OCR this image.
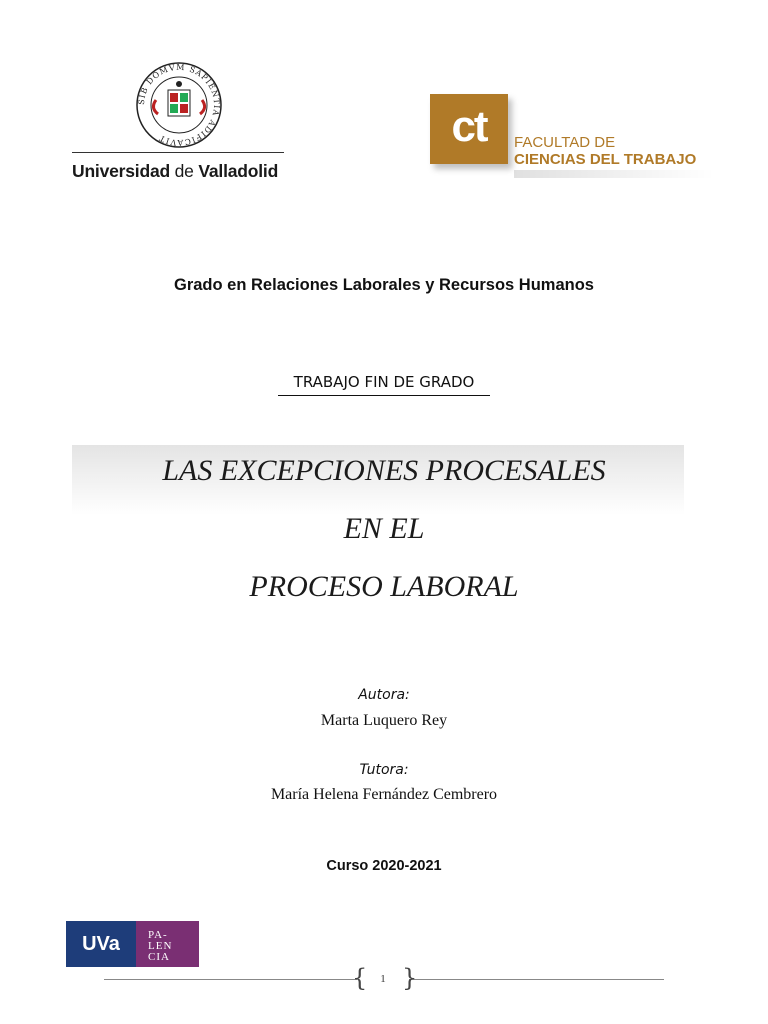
SIB DOMVM SAPIENTIA ADIFICAVIT
Universidad de Valladolid
ct	FACULTAD DE
CIENCIAS DEL TRABAJO
Grado en Relaciones Laborales y Recursos Humanos
TRABAJO FIN DE GRADO
LAS EXCEPCIONES PROCESALES
EN EL
PROCESO LABORAL
Autora:
Marta Luquero Rey
Tutora:
María Helena Fernández Cembrero
Curso 2020-2021
UVa	PA-
LEN
CIA
{ }
1
